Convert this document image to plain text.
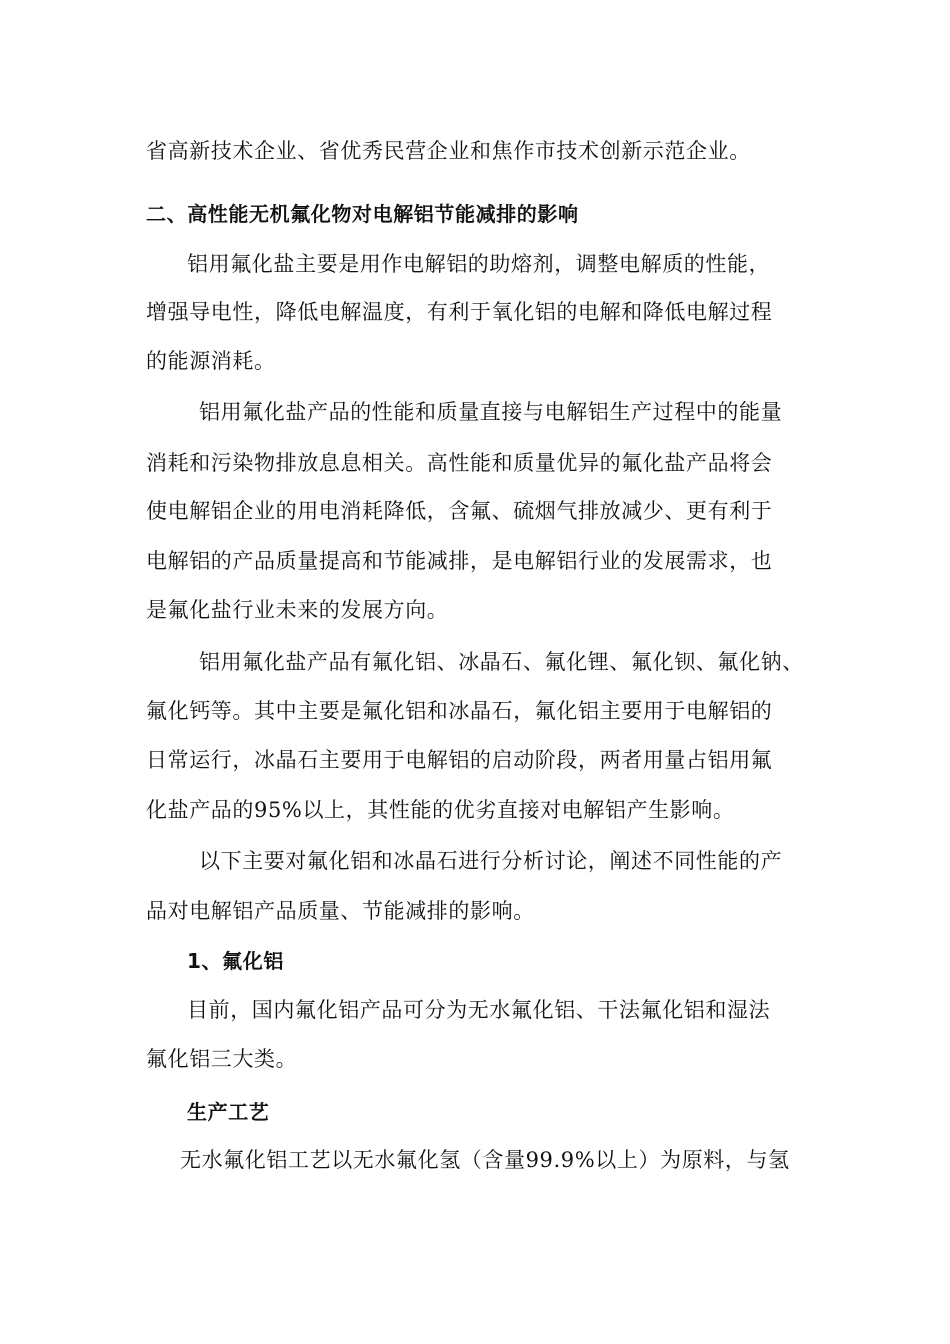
省高新技术企业、省优秀民营企业和焦作市技术创新示范企业。
二、高性能无机氟化物对电解铝节能减排的影响
铝用氟化盐主要是用作电解铝的助熔剂，调整电解质的性能，
增强导电性，降低电解温度，有利于氧化铝的电解和降低电解过程
的能源消耗。
铝用氟化盐产品的性能和质量直接与电解铝生产过程中的能量
消耗和污染物排放息息相关。高性能和质量优异的氟化盐产品将会
使电解铝企业的用电消耗降低，含氟、硫烟气排放减少、更有利于
电解铝的产品质量提高和节能减排，是电解铝行业的发展需求，也
是氟化盐行业未来的发展方向。
铝用氟化盐产品有氟化铝、冰晶石、氟化锂、氟化钡、氟化钠、
氟化钙等。其中主要是氟化铝和冰晶石，氟化铝主要用于电解铝的
日常运行，冰晶石主要用于电解铝的启动阶段，两者用量占铝用氟
化盐产品的95%以上，其性能的优劣直接对电解铝产生影响。
以下主要对氟化铝和冰晶石进行分析讨论，阐述不同性能的产
品对电解铝产品质量、节能减排的影响。
1、氟化铝
目前，国内氟化铝产品可分为无水氟化铝、干法氟化铝和湿法
氟化铝三大类。
生产工艺
无水氟化铝工艺以无水氟化氢（含量99.9%以上）为原料，与氢
